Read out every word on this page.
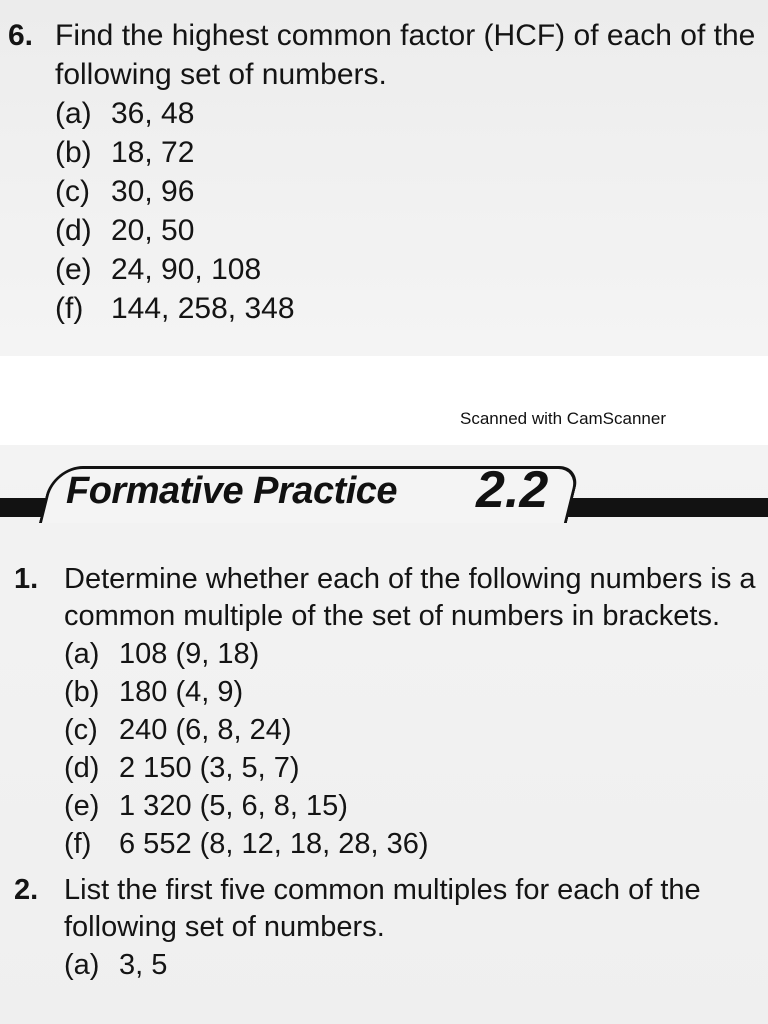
6. Find the highest common factor (HCF) of each of the following set of numbers.
(a) 36, 48
(b) 18, 72
(c) 30, 96
(d) 20, 50
(e) 24, 90, 108
(f) 144, 258, 348
Scanned with CamScanner
Formative Practice 2.2
1. Determine whether each of the following numbers is a common multiple of the set of numbers in brackets.
(a) 108 (9, 18)
(b) 180 (4, 9)
(c) 240 (6, 8, 24)
(d) 2 150 (3, 5, 7)
(e) 1 320 (5, 6, 8, 15)
(f) 6 552 (8, 12, 18, 28, 36)
2. List the first five common multiples for each of the following set of numbers.
(a) 3, 5
